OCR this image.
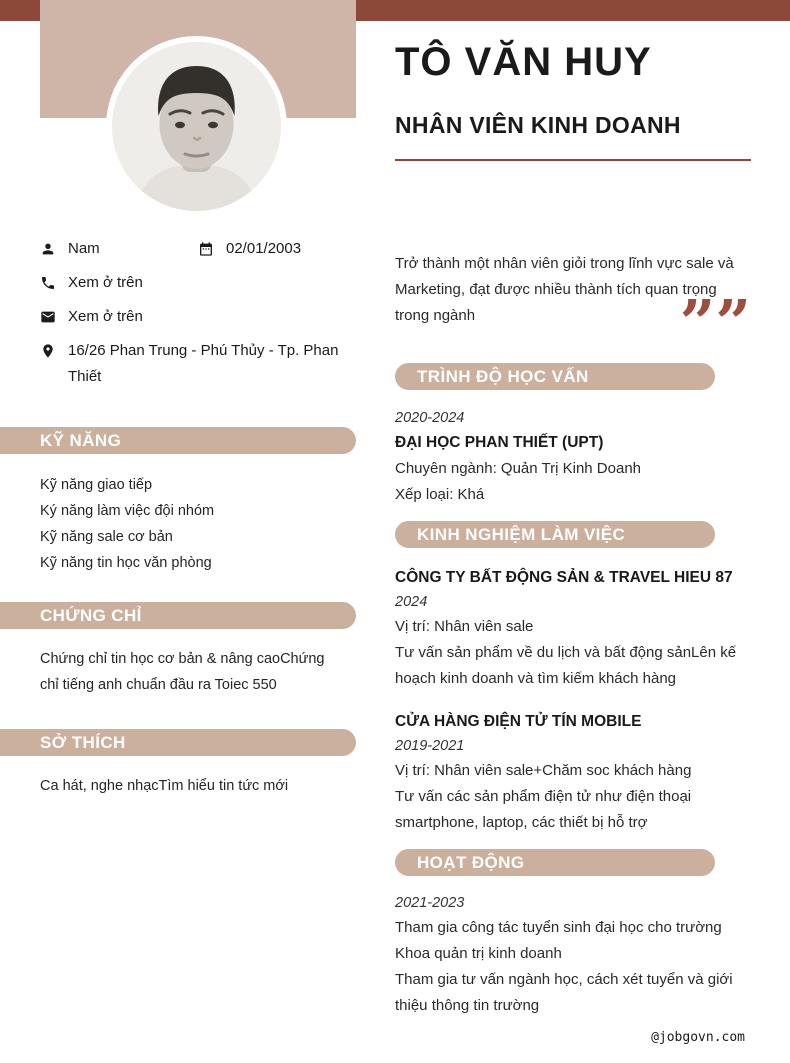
Nam	02/01/2003
Xem ở trên
Xem ở trên
16/26 Phan Trung - Phú Thủy - Tp. Phan Thiết
KỸ NĂNG
Kỹ năng giao tiếp
Ký năng làm việc đội nhóm
Kỹ năng sale cơ bản
Kỹ năng tin học văn phòng
CHỨNG CHỈ
Chứng chỉ tin học cơ bản & nâng caoChứng chỉ tiếng anh chuẩn đầu ra Toiec 550
SỞ THÍCH
Ca hát, nghe nhạcTìm hiểu tin tức mới
TÔ VĂN HUY
NHÂN VIÊN KINH DOANH
Trở thành một nhân viên giỏi trong lĩnh vực sale và Marketing, đạt được nhiều thành tích quan trọng trong ngành	””
TRÌNH ĐỘ HỌC VẤN
2020-2024
ĐẠI HỌC PHAN THIẾT (UPT)
Chuyên ngành: Quản Trị Kinh Doanh
Xếp loại: Khá
KINH NGHIỆM LÀM VIỆC
CÔNG TY BẤT ĐỘNG SẢN & TRAVEL HIEU 87
2024
Vị trí: Nhân viên sale
Tư vấn sản phẩm về du lịch và bất động sảnLên kế hoạch kinh doanh và tìm kiếm khách hàng
CỬA HÀNG ĐIỆN TỬ TÍN MOBILE
2019-2021
Vị trí: Nhân viên sale+Chăm soc khách hàng
Tư vấn các sản phẩm điện tử như điện thoại smartphone, laptop, các thiết bị hỗ trợ
HOẠT ĐỘNG
2021-2023
Tham gia công tác tuyển sinh đại học cho trường
Khoa quản trị kinh doanh
Tham gia tư vấn ngành học, cách xét tuyển và giới thiệu thông tin trường
@jobgovn.com
